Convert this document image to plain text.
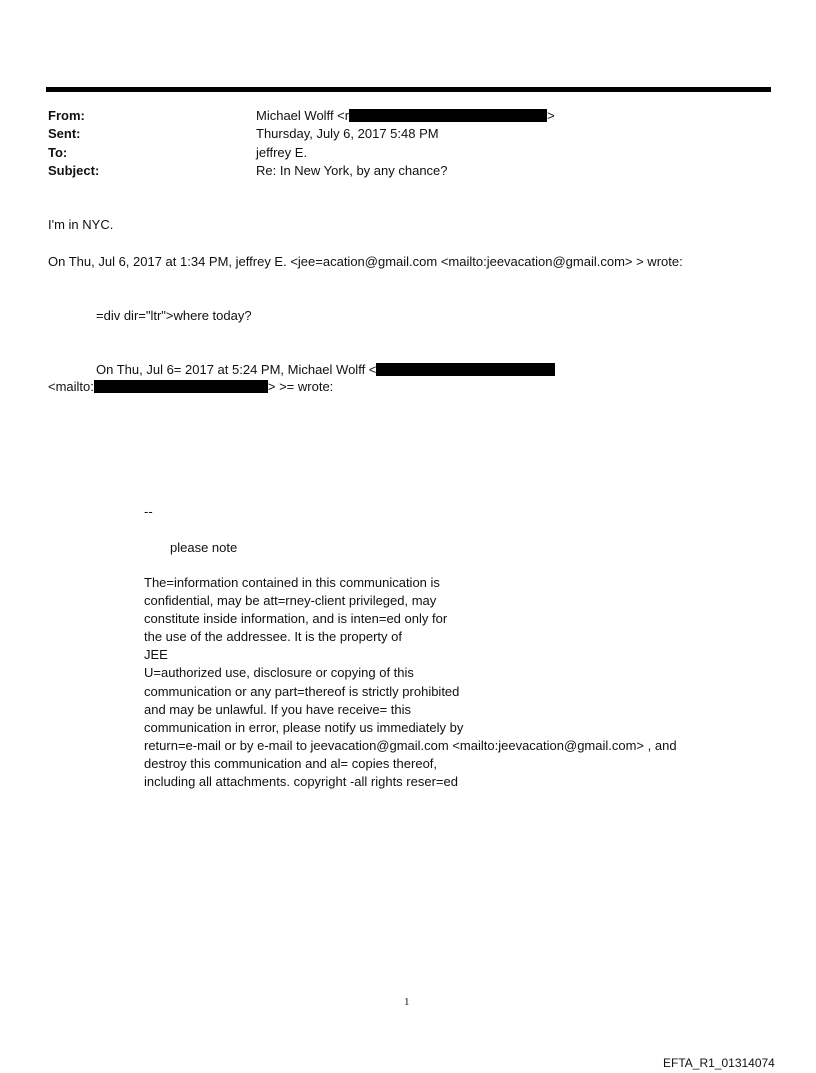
From:
Sent:
To:
Subject:
Michael Wolff <r	>
Thursday, July 6, 2017 5:48 PM
jeffrey E.
Re: In New York, by any chance?
I'm in NYC.
On Thu, Jul 6, 2017 at 1:34 PM, jeffrey E. <jee=acation@gmail.com <mailto:jeevacation@gmail.com> > wrote:
=div dir="ltr">where today?
On Thu, Jul 6= 2017 at 5:24 PM, Michael Wolff <
<mailto:	> >= wrote:
--
please note
The=information contained in this communication is
confidential, may be att=rney-client privileged, may
constitute inside information, and is inten=ed only for
the use of the addressee. It is the property of
JEE
U=authorized use, disclosure or copying of this
communication or any part=thereof is strictly prohibited
and may be unlawful. If you have receive= this
communication in error, please notify us immediately by
return=e-mail or by e-mail to jeevacation@gmail.com <mailto:jeevacation@gmail.com> , and
destroy this communication and al= copies thereof,
including all attachments. copyright -all rights reser=ed
1
EFTA_R1_01314074
